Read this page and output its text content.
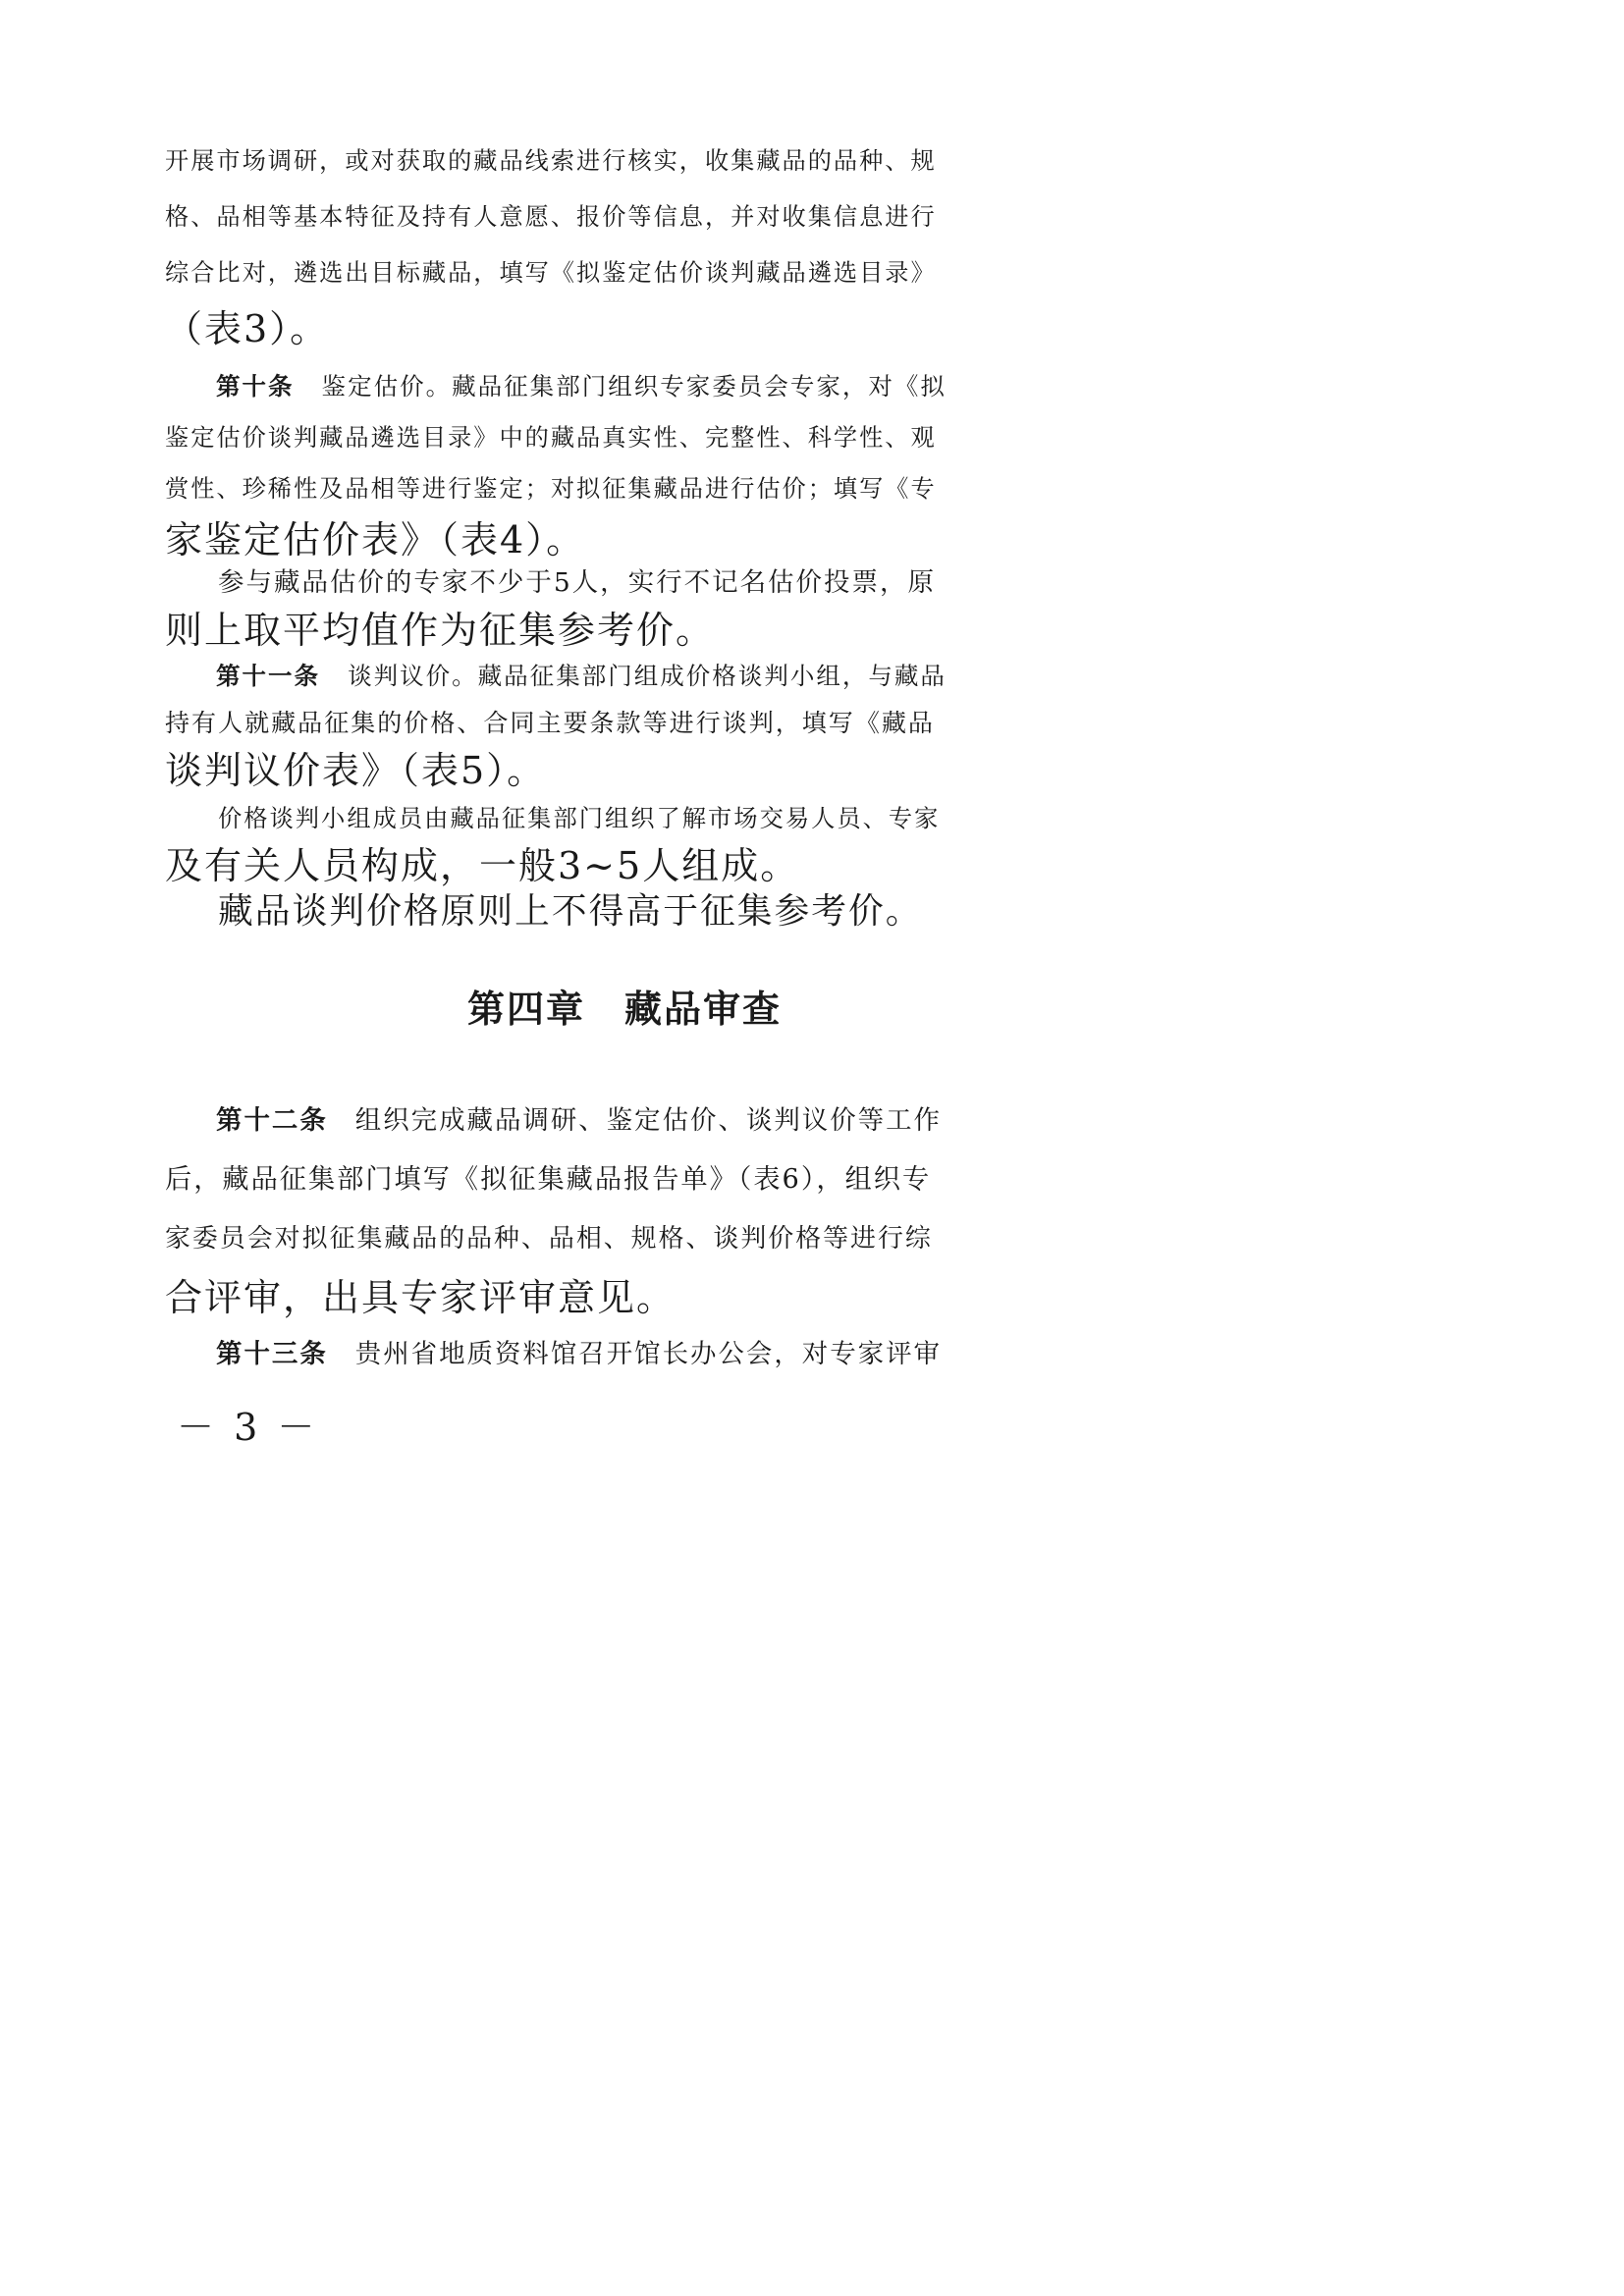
开展市场调研，或对获取的藏品线索进行核实，收集藏品的品种、规
格、品相等基本特征及持有人意愿、报价等信息，并对收集信息进行
综合比对，遴选出目标藏品，填写《拟鉴定估价谈判藏品遴选目录》
（表3）。
第十条 鉴定估价。藏品征集部门组织专家委员会专家，对《拟
鉴定估价谈判藏品遴选目录》中的藏品真实性、完整性、科学性、观
赏性、珍稀性及品相等进行鉴定；对拟征集藏品进行估价；填写《专
家鉴定估价表》（表4）。
参与藏品估价的专家不少于5人，实行不记名估价投票，原
则上取平均值作为征集参考价。
第十一条 谈判议价。藏品征集部门组成价格谈判小组，与藏品
持有人就藏品征集的价格、合同主要条款等进行谈判，填写《藏品
谈判议价表》（表5）。
价格谈判小组成员由藏品征集部门组织了解市场交易人员、专家
及有关人员构成，一般3~5人组成。
藏品谈判价格原则上不得高于征集参考价。
第四章　藏品审查
第十二条 组织完成藏品调研、鉴定估价、谈判议价等工作
后，藏品征集部门填写《拟征集藏品报告单》（表6），组织专
家委员会对拟征集藏品的品种、品相、规格、谈判价格等进行综
合评审，出具专家评审意见。
第十三条 贵州省地质资料馆召开馆长办公会，对专家评审
－ 3 －
